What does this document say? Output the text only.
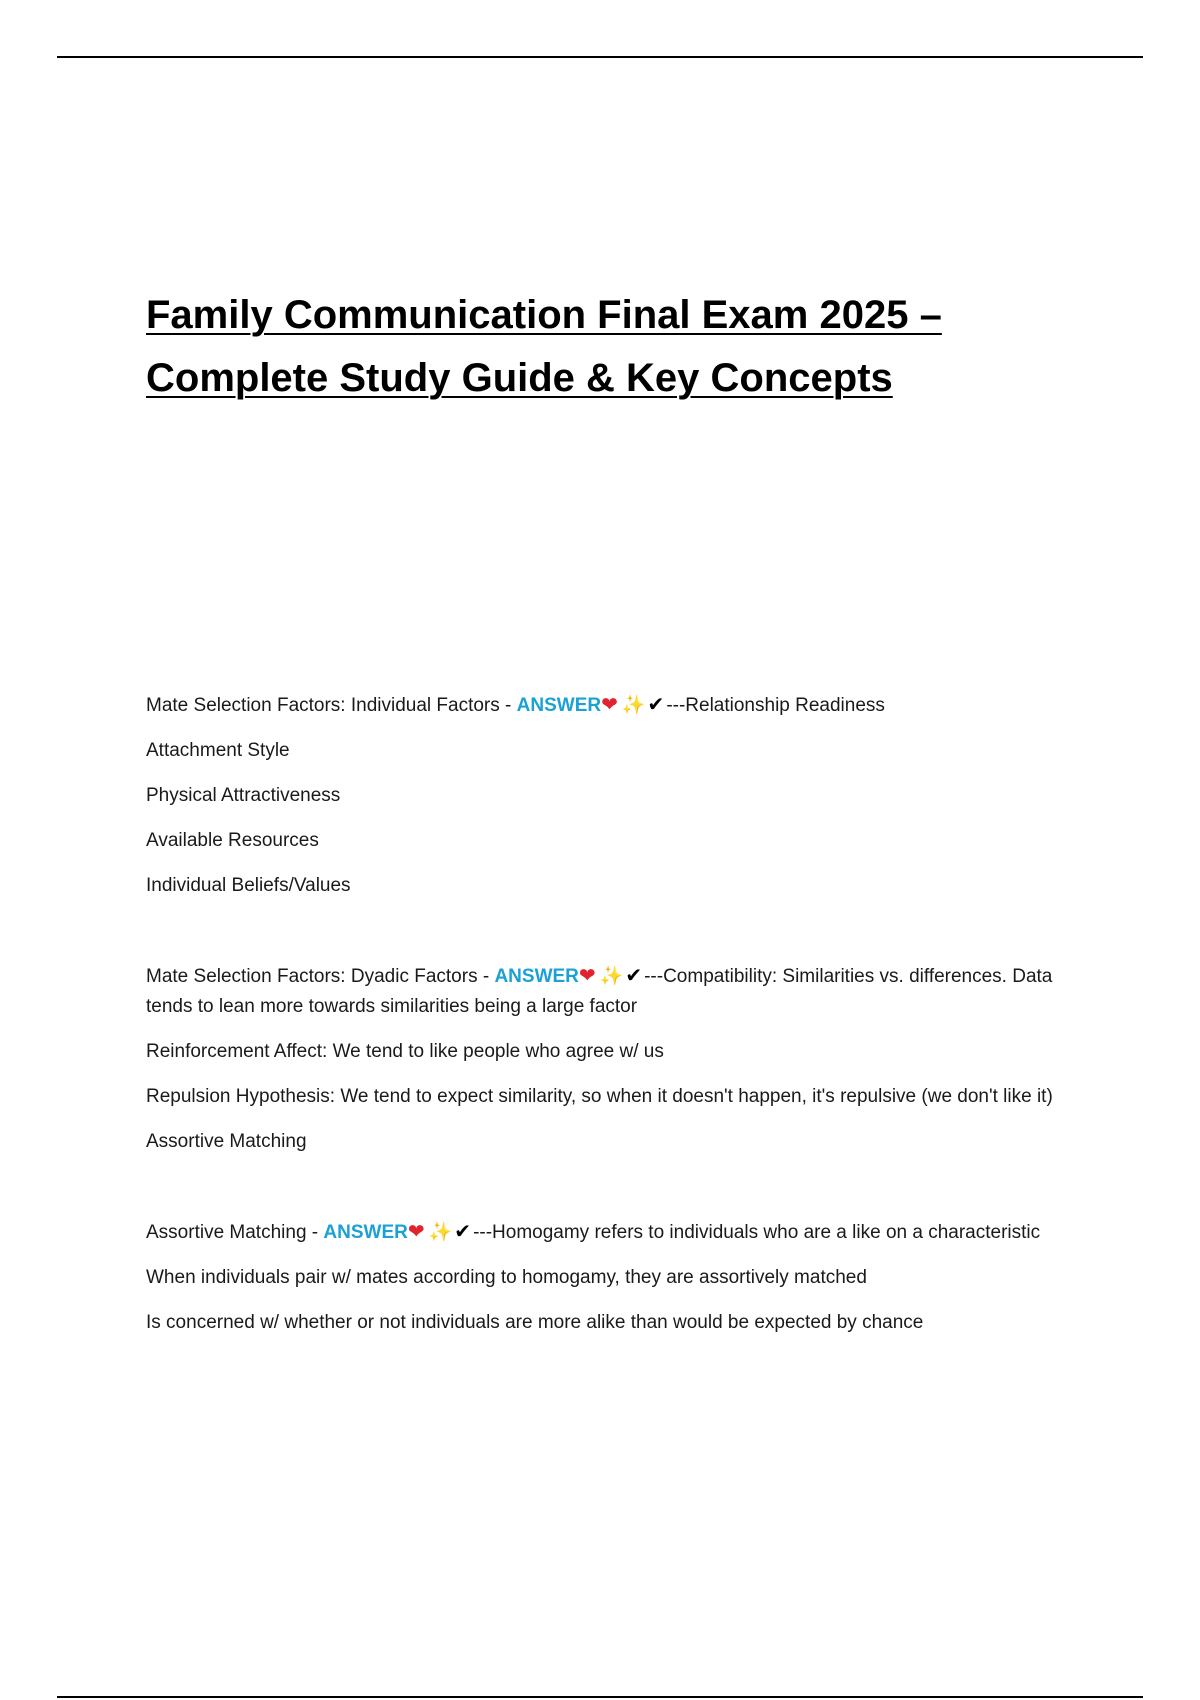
Family Communication Final Exam 2025 –
Complete Study Guide & Key Concepts

Mate Selection Factors: Individual Factors - ANSWER❤ ✨ ✔ ---Relationship Readiness

Attachment Style

Physical Attractiveness

Available Resources

Individual Beliefs/Values

Mate Selection Factors: Dyadic Factors - ANSWER❤ ✨ ✔ ---Compatibility: Similarities vs. differences. Data tends to lean more towards similarities being a large factor

Reinforcement Affect: We tend to like people who agree w/ us

Repulsion Hypothesis: We tend to expect similarity, so when it doesn't happen, it's repulsive (we don't like it)

Assortive Matching

Assortive Matching - ANSWER❤ ✨ ✔ ---Homogamy refers to individuals who are a like on a characteristic

When individuals pair w/ mates according to homogamy, they are assortively matched

Is concerned w/ whether or not individuals are more alike than would be expected by chance
